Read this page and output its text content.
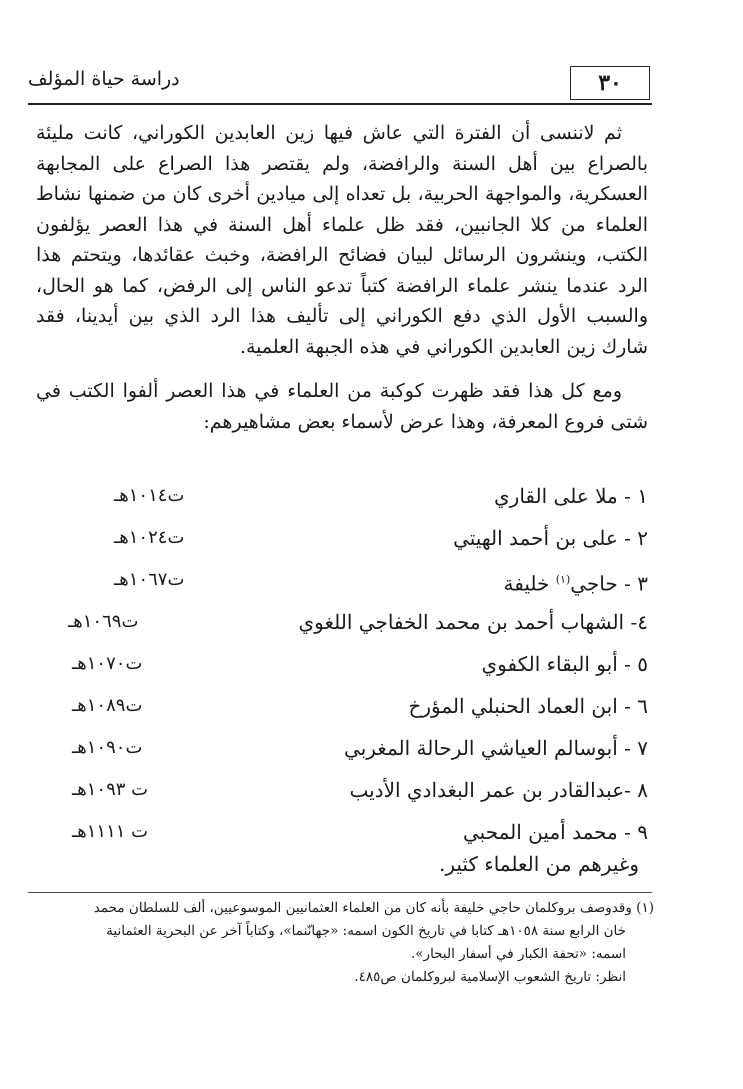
٣٠
دراسة حياة المؤلف

ثم لاننسى أن الفترة التي عاش فيها زين العابدين الكوراني، كانت مليئة بالصراع بين أهل السنة والرافضة، ولم يقتصر هذا الصراع على المجابهة العسكرية، والمواجهة الحربية، بل تعداه إلى ميادين أخرى كان من ضمنها نشاط العلماء من كلا الجانبين، فقد ظل علماء أهل السنة في هذا العصر يؤلفون الكتب، وينشرون الرسائل لبيان فضائح الرافضة، وخبث عقائدها، ويتحتم هذا الرد عندما ينشر علماء الرافضة كتباً تدعو الناس إلى الرفض، كما هو الحال، والسبب الأول الذي دفع الكوراني إلى تأليف هذا الرد الذي بين أيدينا، فقد شارك زين العابدين الكوراني في هذه الجبهة العلمية.

ومع كل هذا فقد ظهرت كوكبة من العلماء في هذا العصر ألفوا الكتب في شتى فروع المعرفة، وهذا عرض لأسماء بعض مشاهيرهم:

١ - ملا على القاري
ت١٠١٤هـ
٢ - على بن أحمد الهيتي
ت١٠٢٤هـ
٣ - حاجي$^{(١)}$ خليفة
ت١٠٦٧هـ
٤- الشهاب أحمد بن محمد الخفاجي اللغوي
ت١٠٦٩هـ
٥ - أبو البقاء الكفوي
ت١٠٧٠هـ
٦ - ابن العماد الحنبلي المؤرخ
ت١٠٨٩هـ
٧ - أبوسالم العياشي الرحالة المغربي
ت١٠٩٠هـ
٨ -عبدالقادر بن عمر البغدادي الأديب
ت ١٠٩٣هـ
٩ - محمد أمين المحبي
ت ١١١١هـ
وغيرهم من العلماء كثير.

(١) وقدوصف بروكلمان حاجي خليفة بأنه كان من العلماء العثمانيين الموسوعيين، ألف للسلطان محمد

خان الرابع سنة ١٠٥٨هـ كتابا في تاريخ الكون اسمه: «جهانّنما»، وكتاباً آخر عن البحرية العثمانية

اسمه: «تحفة الكبار في أسفار البحار».

انظر: تاريخ الشعوب الإسلامية لبروكلمان ص٤٨٥.
